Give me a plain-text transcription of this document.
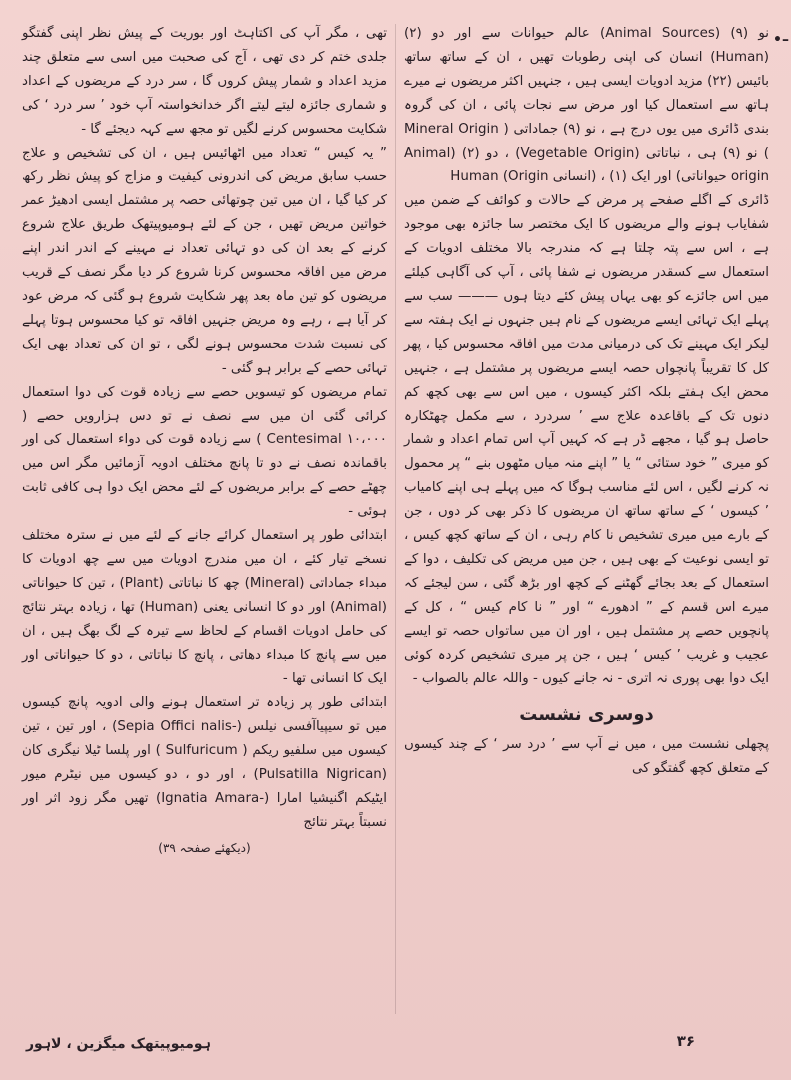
•–

نو (۹) (Animal Sources) عالم حیوانات سے اور دو (۲) (Human) انسان کی اپنی رطوبات تھیں ، ان کے ساتھ ساتھ بائیس (۲۲) مزید ادویات ایسی ہیں ، جنہیں اکثر مریضوں نے میرے ہاتھ سے استعمال کیا اور مرض سے نجات پائی ، ان کی گروہ بندی ڈائری میں یوں درج ہے ، نو (۹) جماداتی ( Mineral Origin ) نو (۹) ہی ، نباتاتی (Vegetable Origin) ، دو (۲) (Animal origin حیواناتی) اور ایک (۱) ، (انسانی Human (Origin

ڈائری کے اگلے صفحے پر مرض کے حالات و کوائف کے ضمن میں شفایاب ہونے والے مریضوں کا ایک مختصر سا جائزہ بھی موجود ہے ، اس سے پتہ چلتا ہے کہ مندرجہ بالا مختلف ادویات کے استعمال سے کسقدر مریضوں نے شفا پائی ، آپ کی آگاہی کیلئے میں اس جائزے کو بھی یہاں پیش کئے دیتا ہوں ——— سب سے پہلے ایک تہائی ایسے مریضوں کے نام ہیں جنہوں نے ایک ہفتہ سے لیکر ایک مہینے تک کی درمیانی مدت میں افاقہ محسوس کیا ، پھر کل کا تقریباً پانچواں حصہ ایسے مریضوں پر مشتمل ہے ، جنہیں محض ایک ہفتے بلکہ اکثر کیسوں ، میں اس سے بھی کچھ کم دنوں تک کے باقاعدہ علاج سے ’ سردرد ، سے مکمل چھٹکارہ حاصل ہو گیا ، مجھے ڈر ہے کہ کہیں آپ اس تمام اعداد و شمار کو میری ” خود ستائی “ یا ” اپنے منہ میاں مٹھوں بنے “ پر محمول نہ کرنے لگیں ، اس لئے مناسب ہوگا کہ میں پہلے ہی اپنے کامیاب ’ کیسوں ‘ کے ساتھ ساتھ ان مریضوں کا ذکر بھی کر دوں ، جن کے بارے میں میری تشخیص نا کام رہی ، ان کے ساتھ کچھ کیس ، تو ایسی نوعیت کے بھی ہیں ، جن میں مریض کی تکلیف ، دوا کے استعمال کے بعد بجائے گھٹنے کے کچھ اور بڑھ گئی ، سن لیجئے کہ میرے اس قسم کے ” ادھورے “ اور ” نا کام کیس “ ، کل کے پانچویں حصے پر مشتمل ہیں ، اور ان میں ساتواں حصہ تو ایسے عجیب و غریب ’ کیس ‘ ہیں ، جن پر میری تشخیص کردہ کوئی ایک دوا بھی پوری نہ اتری - نہ جانے کیوں - واللہ عالم بالصواب -

دوسری نشست

پچھلی نشست میں ، میں نے آپ سے ’ درد سر ‘ کے چند کیسوں کے متعلق کچھ گفتگو کی

تھی ، مگر آپ کی اکتاہٹ اور بوریت کے پیش نظر اپنی گفتگو جلدی ختم کر دی تھی ، آج کی صحبت میں اسی سے متعلق چند مزید اعداد و شمار پیش کروں گا ، سر درد کے مریضوں کے اعداد و شماری جائزہ لیتے لیتے اگر خدانخواستہ آپ خود ’ سر درد ‘ کی شکایت محسوس کرنے لگیں تو مجھ سے کہہ دیجئے گا -

” یہ کیس “ تعداد میں اٹھائیس ہیں ، ان کی تشخیص و علاج حسب سابق مریض کی اندرونی کیفیت و مزاج کو پیش نظر رکھ کر کیا گیا ، ان میں تین چوتھائی حصہ پر مشتمل ایسی ادھیڑ عمر خواتین مریض تھیں ، جن کے لئے ہومیوپیتھک طریق علاج شروع کرنے کے بعد ان کی دو تہائی تعداد نے مہینے کے اندر اندر اپنے مرض میں افاقہ محسوس کرنا شروع کر دیا مگر نصف کے قریب مریضوں کو تین ماہ بعد پھر شکایت شروع ہو گئی کہ مرض عود کر آیا ہے ، رہے وہ مریض جنہیں افاقہ تو کیا محسوس ہوتا پہلے کی نسبت شدت محسوس ہونے لگی ، تو ان کی تعداد بھی ایک تہائی حصے کے برابر ہو گئی -

تمام مریضوں کو تیسویں حصے سے زیادہ قوت کی دوا استعمال کرائی گئی ان میں سے نصف نے تو دس ہزارویں حصے ( Centesimal ۱۰،۰۰۰ ) سے زیادہ قوت کی دواء استعمال کی اور باقماندہ نصف نے دو تا پانچ مختلف ادویہ آزمائیں مگر اس میں چھٹے حصے کے برابر مریضوں کے لئے محض ایک دوا ہی کافی ثابت ہوئی -

ابتدائی طور پر استعمال کرائے جانے کے لئے میں نے سترہ مختلف نسخے تیار کئے ، ان میں مندرج ادویات میں سے چھ ادویات کا مبداء جماداتی (Mineral) چھ کا نباتاتی (Plant) ، تین کا حیواناتی (Animal) اور دو کا انسانی یعنی (Human) تھا ، زیادہ بہتر نتائج کی حامل ادویات اقسام کے لحاظ سے تیرہ کے لگ بھگ ہیں ، ان میں سے پانچ کا مبداء دھاتی ، پانچ کا نباتاتی ، دو کا حیواناتی اور ایک کا انسانی تھا -

ابتدائی طور پر زیادہ تر استعمال ہونے والی ادویہ پانچ کیسوں میں تو سیپیاآفسی نیلس (-Sepia Offici nalis) ، اور تین ، تین کیسوں میں سلفیو ریکم ( Sulfuricum ) اور پلسا ٹیلا نیگری کان (Pulsatilla Nigrican) ، اور دو ، دو کیسوں میں نیٹرم میور ایٹیکم اگنیشیا امارا (-Ignatia Amara) تھیں مگر زود اثر اور نسبتاً بہتر نتائج

(دیکھئے صفحہ ۳۹)
ہومیوپیتھک میگزین ، لاہور	۳۶
